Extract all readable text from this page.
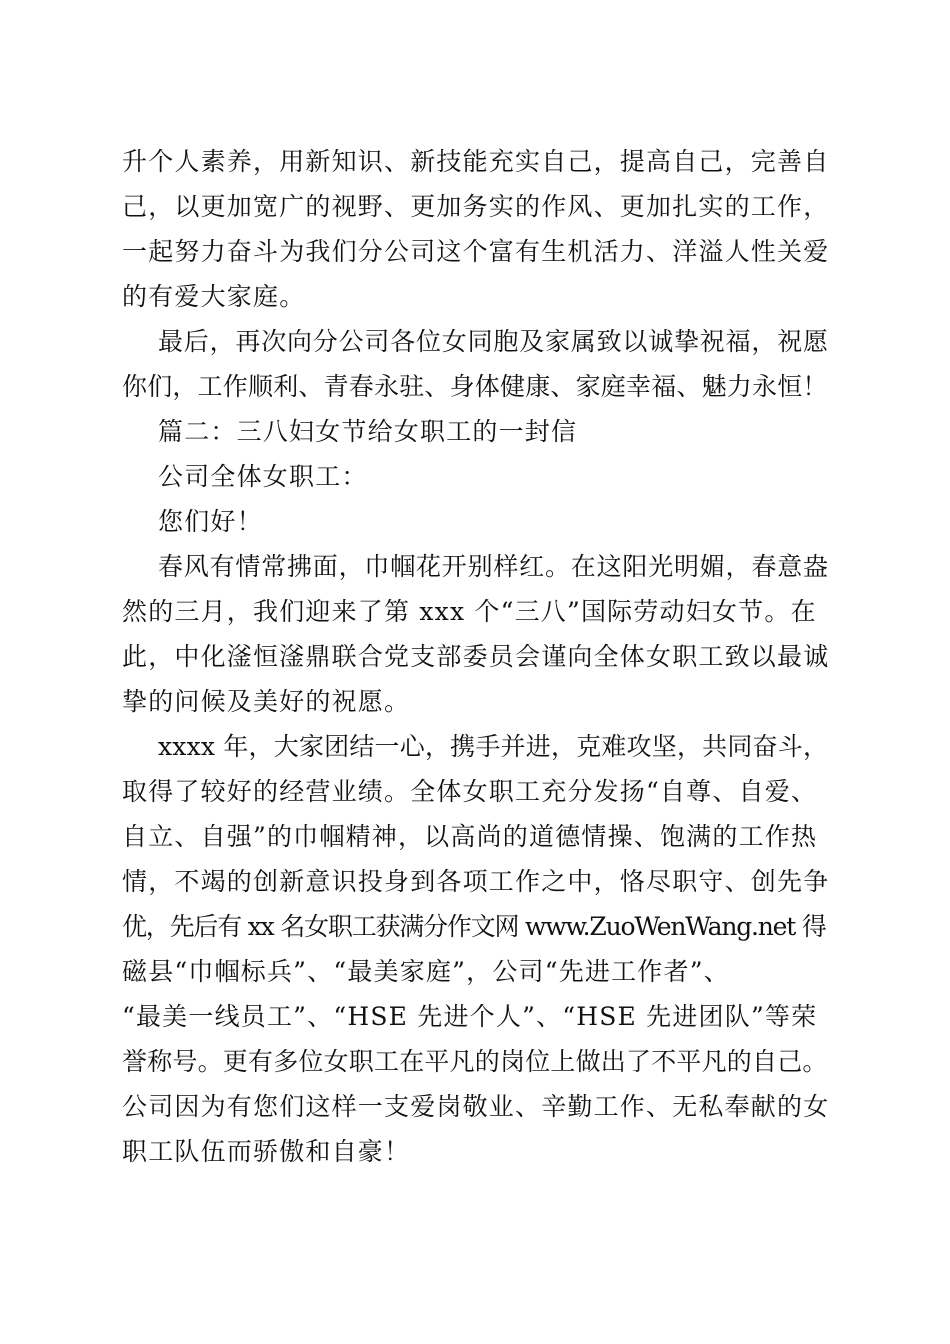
升个人素养，用新知识、新技能充实自己，提高自己，完善自
己，以更加宽广的视野、更加务实的作风、更加扎实的工作，
一起努力奋斗为我们分公司这个富有生机活力、洋溢人性关爱
的有爱大家庭。
最后，再次向分公司各位女同胞及家属致以诚挚祝福，祝愿
你们，工作顺利、青春永驻、身体健康、家庭幸福、魅力永恒！
篇二：三八妇女节给女职工的一封信
公司全体女职工：
您们好！
春风有情常拂面，巾帼花开别样红。在这阳光明媚，春意盎
然的三月，我们迎来了第 xxx 个“三八”国际劳动妇女节。在
此，中化滏恒滏鼎联合党支部委员会谨向全体女职工致以最诚
挚的问候及美好的祝愿。
xxxx 年，大家团结一心，携手并进，克难攻坚，共同奋斗，
取得了较好的经营业绩。全体女职工充分发扬“自尊、自爱、
自立、自强”的巾帼精神，以高尚的道德情操、饱满的工作热
情，不竭的创新意识投身到各项工作之中，恪尽职守、创先争
优，先后有 xx 名女职工获满分作文网 www.ZuoWenWang.net 得
磁县“巾帼标兵”、“最美家庭”，公司“先进工作者”、
“最美一线员工”、“HSE 先进个人”、“HSE 先进团队”等荣
誉称号。更有多位女职工在平凡的岗位上做出了不平凡的自己。
公司因为有您们这样一支爱岗敬业、辛勤工作、无私奉献的女
职工队伍而骄傲和自豪！
